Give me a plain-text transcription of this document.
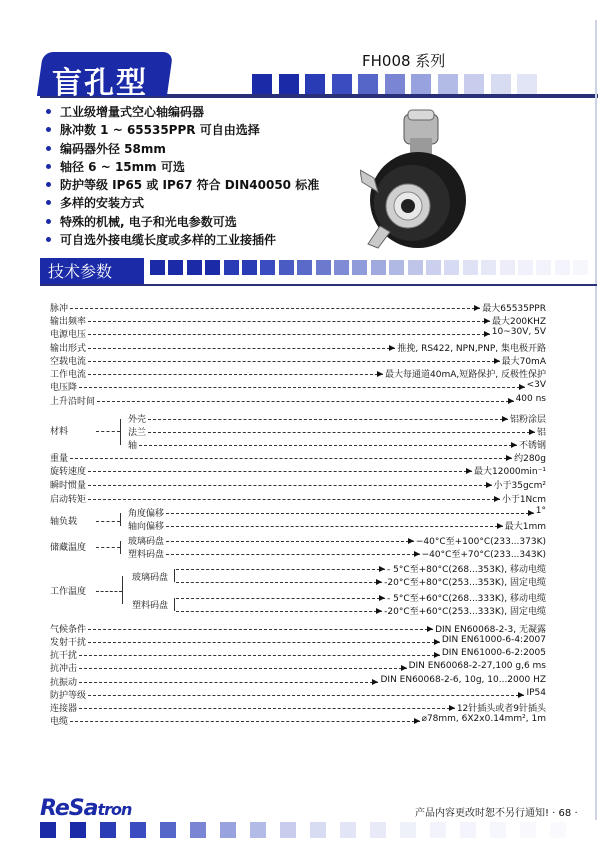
盲孔型
FH008 系列
工业级增量式空心轴编码器
脉冲数 1 ~ 65535PPR 可自由选择
编码器外径 58mm
轴径 6 ~ 15mm 可选
防护等级 IP65 或 IP67 符合 DIN40050 标准
多样的安装方式
特殊的机械, 电子和光电参数可选
可自选外接电缆长度或多样的工业接插件
技术参数
脉冲	最大65535PPR
输出频率	最大200KHZ
电源电压	10~30V, 5V
输出形式	推挽, RS422, NPN,PNP, 集电极开路
空载电流	最大70mA
工作电流	最大每通道40mA,短路保护, 反极性保护
电压降	<3V
上升沿时间	400 ns
重量	约280g
旋转速度	最大12000min⁻¹
瞬时惯量	小于35gcm²
启动转矩	小于1Ncm
气候条件	DIN EN60068-2-3, 无凝露
发射干扰	DIN EN61000-6-4:2007
抗干扰	DIN EN61000-6-2:2005
抗冲击	DIN EN60068-2-27,100 g,6 ms
抗振动	DIN EN60068-2-6, 10g, 10...2000 HZ
防护等级	IP54
连接器	12针插头或者9针插头
电缆	⌀78mm, 6X2x0.14mm², 1m
材料
外壳	铝粉涂层
法兰	铝
轴	不锈钢
轴负载
角度偏移	1°
轴向偏移	最大1mm
储藏温度
玻璃码盘	−40°C至+100°C(233...373K)
塑料码盘	−40°C至+70°C(233...343K)
工作温度
玻璃码盘
- 5°C至+80°C(268...353K), 移动电缆
-20°C至+80°C(253...353K), 固定电缆
塑料码盘
- 5°C至+60°C(268...333K), 移动电缆
-20°C至+60°C(253...333K), 固定电缆
ReSatron	产品内容更改时恕不另行通知! · 68 ·
